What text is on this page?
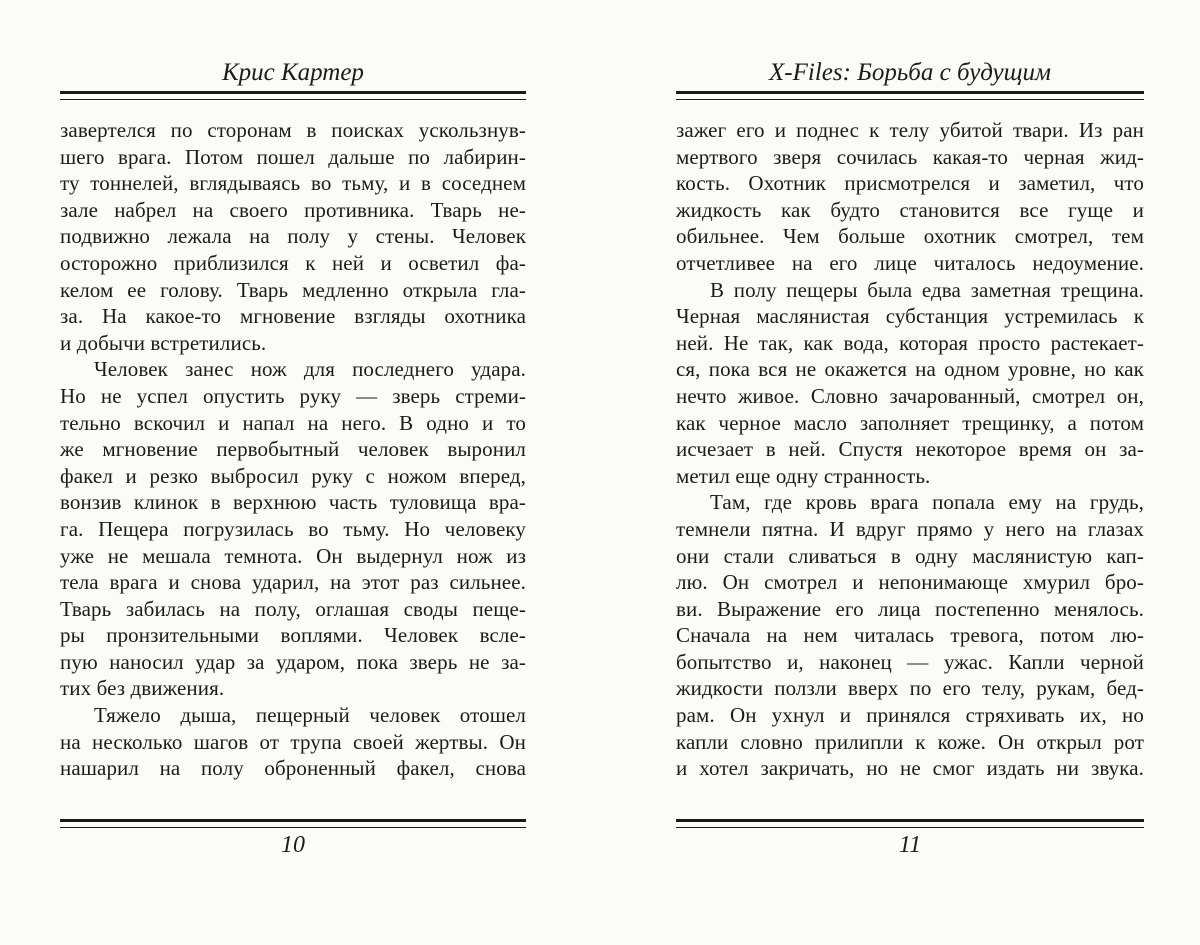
Крис Картер
завертелся по сторонам в поисках ускользнув-
шего врага. Потом пошел дальше по лабирин-
ту тоннелей, вглядываясь во тьму, и в соседнем
зале набрел на своего противника. Тварь не-
подвижно лежала на полу у стены. Человек
осторожно приблизился к ней и осветил фа-
келом ее голову. Тварь медленно открыла гла-
за. На какое-то мгновение взгляды охотника
и добычи встретились.
Человек занес нож для последнего удара.
Но не успел опустить руку — зверь стреми-
тельно вскочил и напал на него. В одно и то
же мгновение первобытный человек выронил
факел и резко выбросил руку с ножом вперед,
вонзив клинок в верхнюю часть туловища вра-
га. Пещера погрузилась во тьму. Но человеку
уже не мешала темнота. Он выдернул нож из
тела врага и снова ударил, на этот раз сильнее.
Тварь забилась на полу, оглашая своды пеще-
ры пронзительными воплями. Человек вслe-
пую наносил удар за ударом, пока зверь не за-
тих без движения.
Тяжело дыша, пещерный человек отошел
на несколько шагов от трупа своей жертвы. Он
нашарил на полу оброненный факел, снова
10
X-Files: Борьба с будущим
зажег его и поднес к телу убитой твари. Из ран
мертвого зверя сочилась какая-то черная жид-
кость. Охотник присмотрелся и заметил, что
жидкость как будто становится все гуще и
обильнее. Чем больше охотник смотрел, тем
отчетливее на его лице читалось недоумение.
В полу пещеры была едва заметная трещина.
Черная маслянистая субстанция устремилась к
ней. Не так, как вода, которая просто растекает-
ся, пока вся не окажется на одном уровне, но как
нечто живое. Словно зачарованный, смотрел он,
как черное масло заполняет трещинку, а потом
исчезает в ней. Спустя некоторое время он за-
метил еще одну странность.
Там, где кровь врага попала ему на грудь,
темнели пятна. И вдруг прямо у него на глазах
они стали сливаться в одну маслянистую кап-
лю. Он смотрел и непонимающе хмурил бро-
ви. Выражение его лица постепенно менялось.
Сначала на нем читалась тревога, потом лю-
бопытство и, наконец — ужас. Капли черной
жидкости ползли вверх по его телу, рукам, бед-
рам. Он ухнул и принялся стряхивать их, но
капли словно прилипли к коже. Он открыл рот
и хотел закричать, но не смог издать ни звука.
11
